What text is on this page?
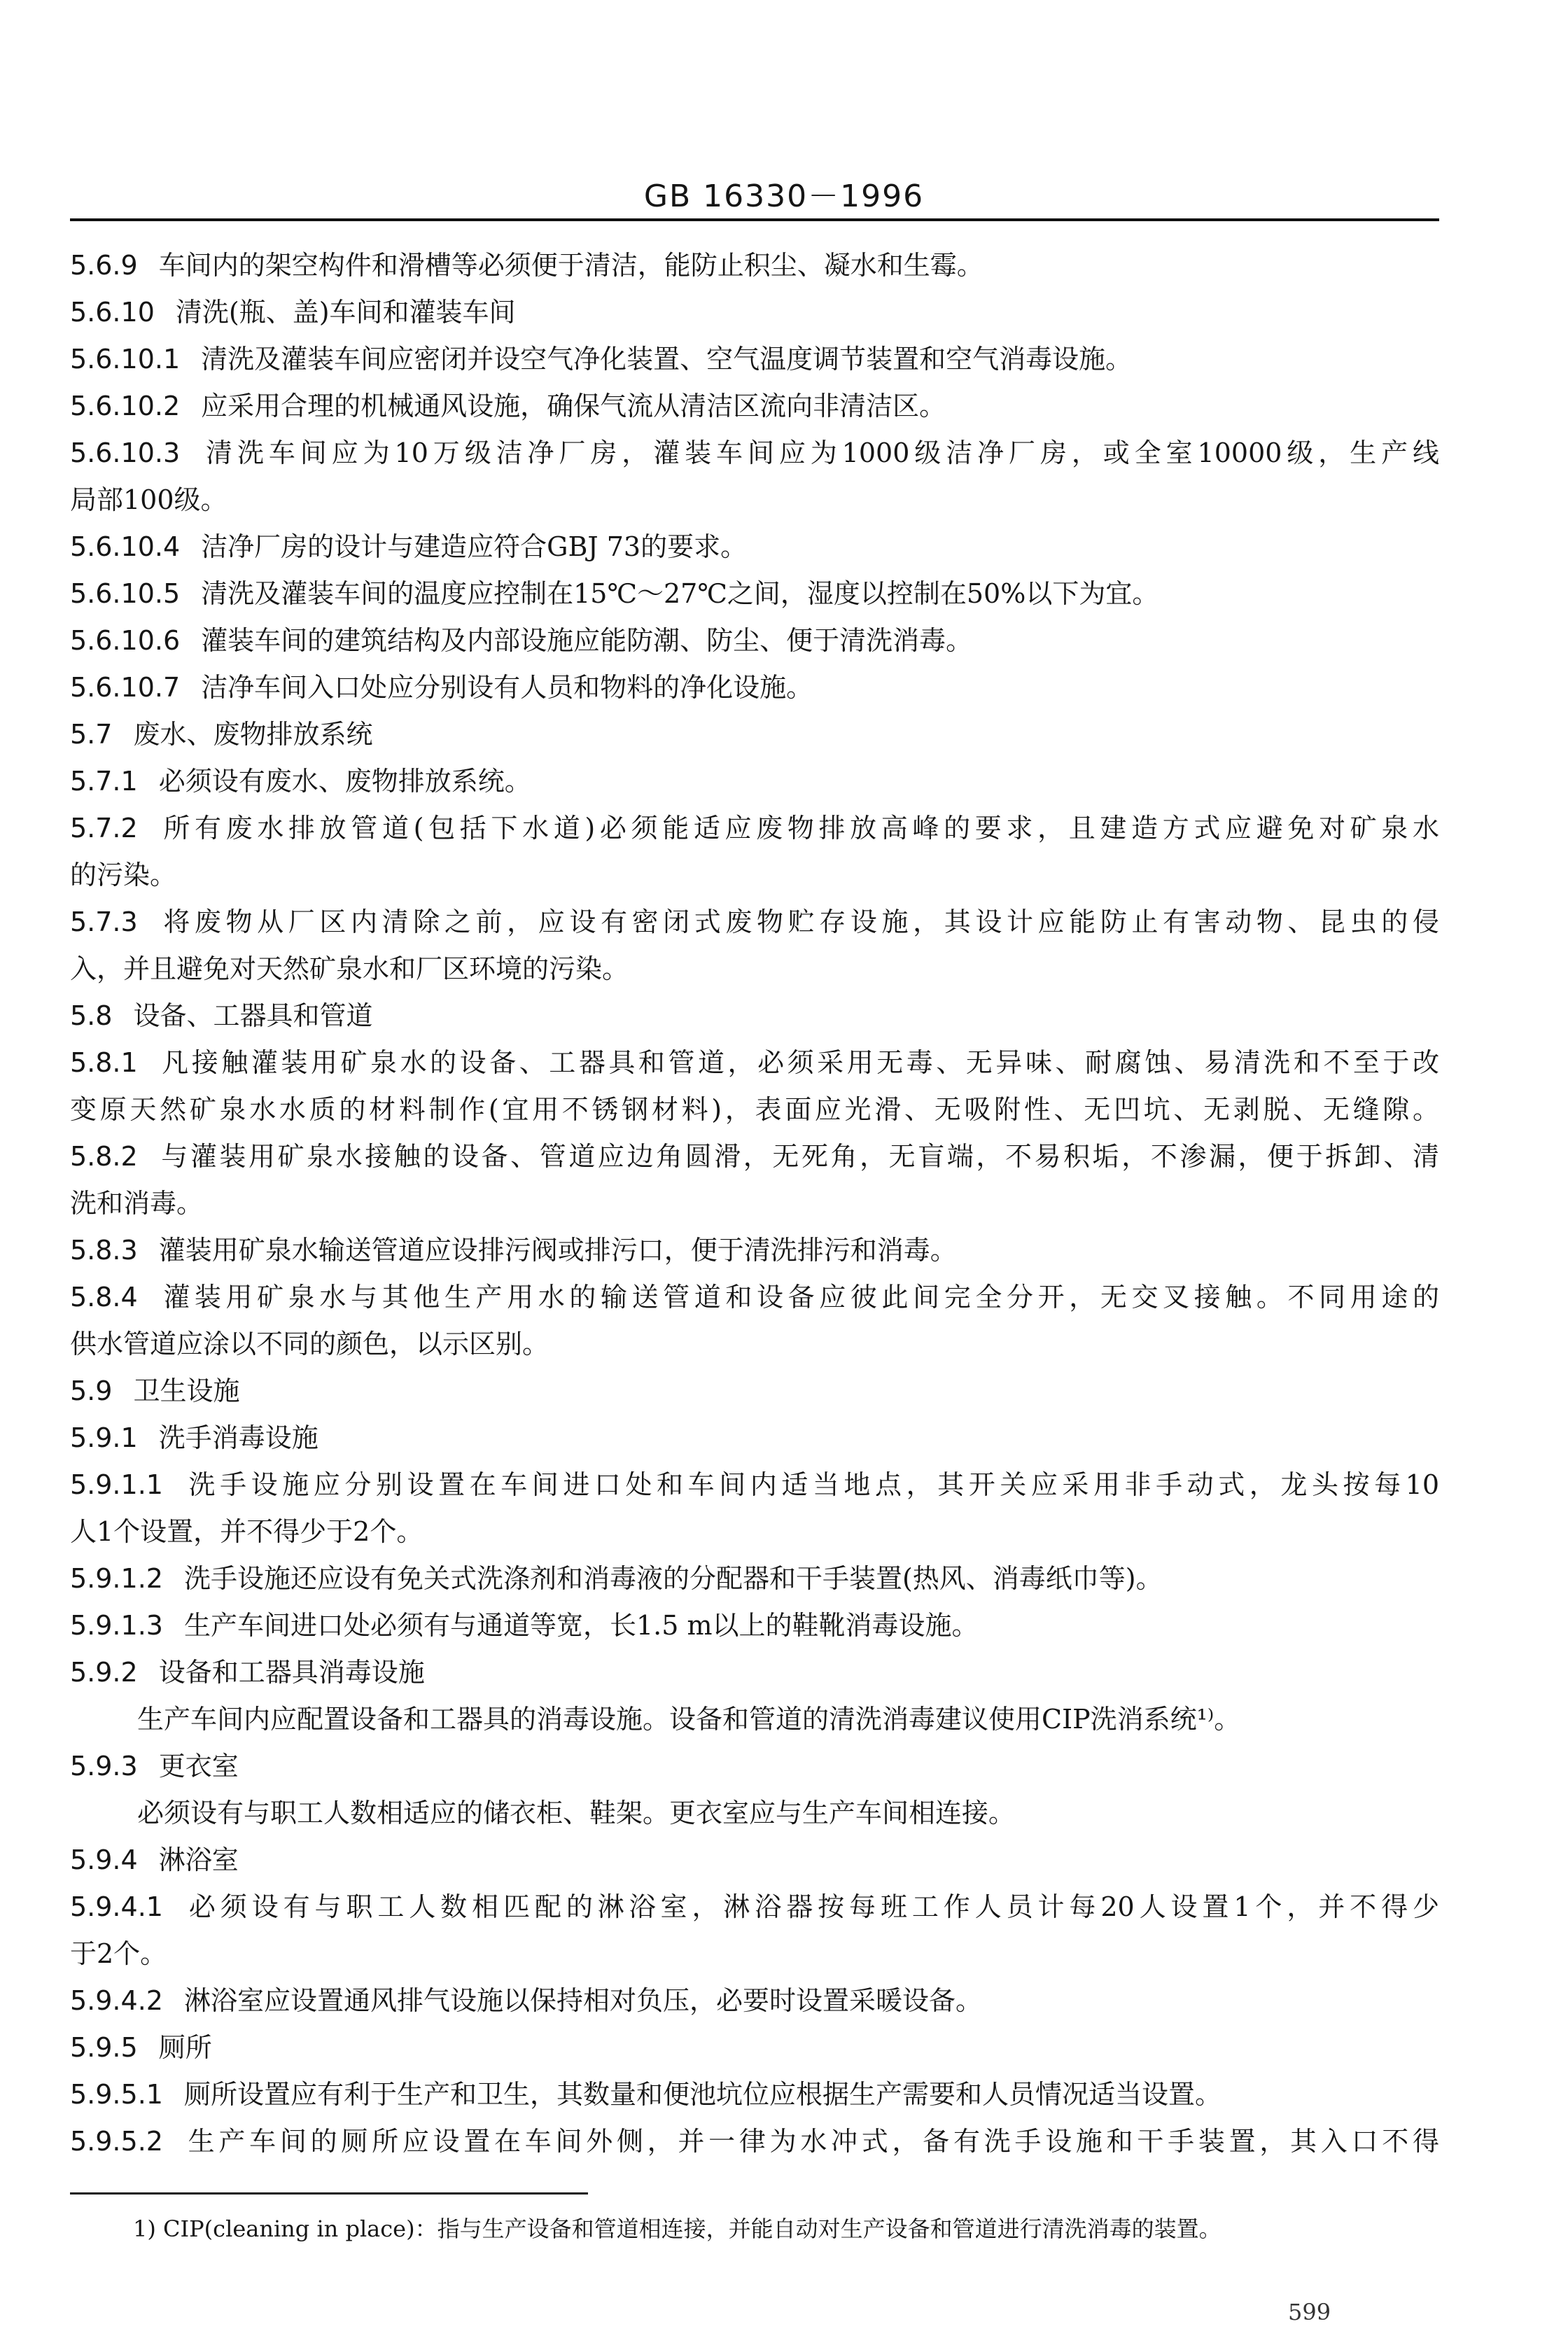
GB 16330－1996
5.6.9 车间内的架空构件和滑槽等必须便于清洁，能防止积尘、凝水和生霉。
5.6.10 清洗(瓶、盖)车间和灌装车间
5.6.10.1 清洗及灌装车间应密闭并设空气净化装置、空气温度调节装置和空气消毒设施。
5.6.10.2 应采用合理的机械通风设施，确保气流从清洁区流向非清洁区。
5.6.10.3 清洗车间应为10万级洁净厂房，灌装车间应为1000级洁净厂房，或全室10000级，生产线
局部100级。
5.6.10.4 洁净厂房的设计与建造应符合GBJ 73的要求。
5.6.10.5 清洗及灌装车间的温度应控制在15℃～27℃之间，湿度以控制在50%以下为宜。
5.6.10.6 灌装车间的建筑结构及内部设施应能防潮、防尘、便于清洗消毒。
5.6.10.7 洁净车间入口处应分别设有人员和物料的净化设施。
5.7 废水、废物排放系统
5.7.1 必须设有废水、废物排放系统。
5.7.2 所有废水排放管道(包括下水道)必须能适应废物排放高峰的要求，且建造方式应避免对矿泉水
的污染。
5.7.3 将废物从厂区内清除之前，应设有密闭式废物贮存设施，其设计应能防止有害动物、昆虫的侵
入，并且避免对天然矿泉水和厂区环境的污染。
5.8 设备、工器具和管道
5.8.1 凡接触灌装用矿泉水的设备、工器具和管道，必须采用无毒、无异味、耐腐蚀、易清洗和不至于改
变原天然矿泉水水质的材料制作(宜用不锈钢材料)，表面应光滑、无吸附性、无凹坑、无剥脱、无缝隙。
5.8.2 与灌装用矿泉水接触的设备、管道应边角圆滑，无死角，无盲端，不易积垢，不渗漏，便于拆卸、清
洗和消毒。
5.8.3 灌装用矿泉水输送管道应设排污阀或排污口，便于清洗排污和消毒。
5.8.4 灌装用矿泉水与其他生产用水的输送管道和设备应彼此间完全分开，无交叉接触。不同用途的
供水管道应涂以不同的颜色，以示区别。
5.9 卫生设施
5.9.1 洗手消毒设施
5.9.1.1 洗手设施应分别设置在车间进口处和车间内适当地点，其开关应采用非手动式，龙头按每10
人1个设置，并不得少于2个。
5.9.1.2 洗手设施还应设有免关式洗涤剂和消毒液的分配器和干手装置(热风、消毒纸巾等)。
5.9.1.3 生产车间进口处必须有与通道等宽，长1.5 m以上的鞋靴消毒设施。
5.9.2 设备和工器具消毒设施
生产车间内应配置设备和工器具的消毒设施。设备和管道的清洗消毒建议使用CIP洗消系统¹⁾。
5.9.3 更衣室
必须设有与职工人数相适应的储衣柜、鞋架。更衣室应与生产车间相连接。
5.9.4 淋浴室
5.9.4.1 必须设有与职工人数相匹配的淋浴室，淋浴器按每班工作人员计每20人设置1个，并不得少
于2个。
5.9.4.2 淋浴室应设置通风排气设施以保持相对负压，必要时设置采暖设备。
5.9.5 厕所
5.9.5.1 厕所设置应有利于生产和卫生，其数量和便池坑位应根据生产需要和人员情况适当设置。
5.9.5.2 生产车间的厕所应设置在车间外侧，并一律为水冲式，备有洗手设施和干手装置，其入口不得
1) CIP(cleaning in place)：指与生产设备和管道相连接，并能自动对生产设备和管道进行清洗消毒的装置。
599
